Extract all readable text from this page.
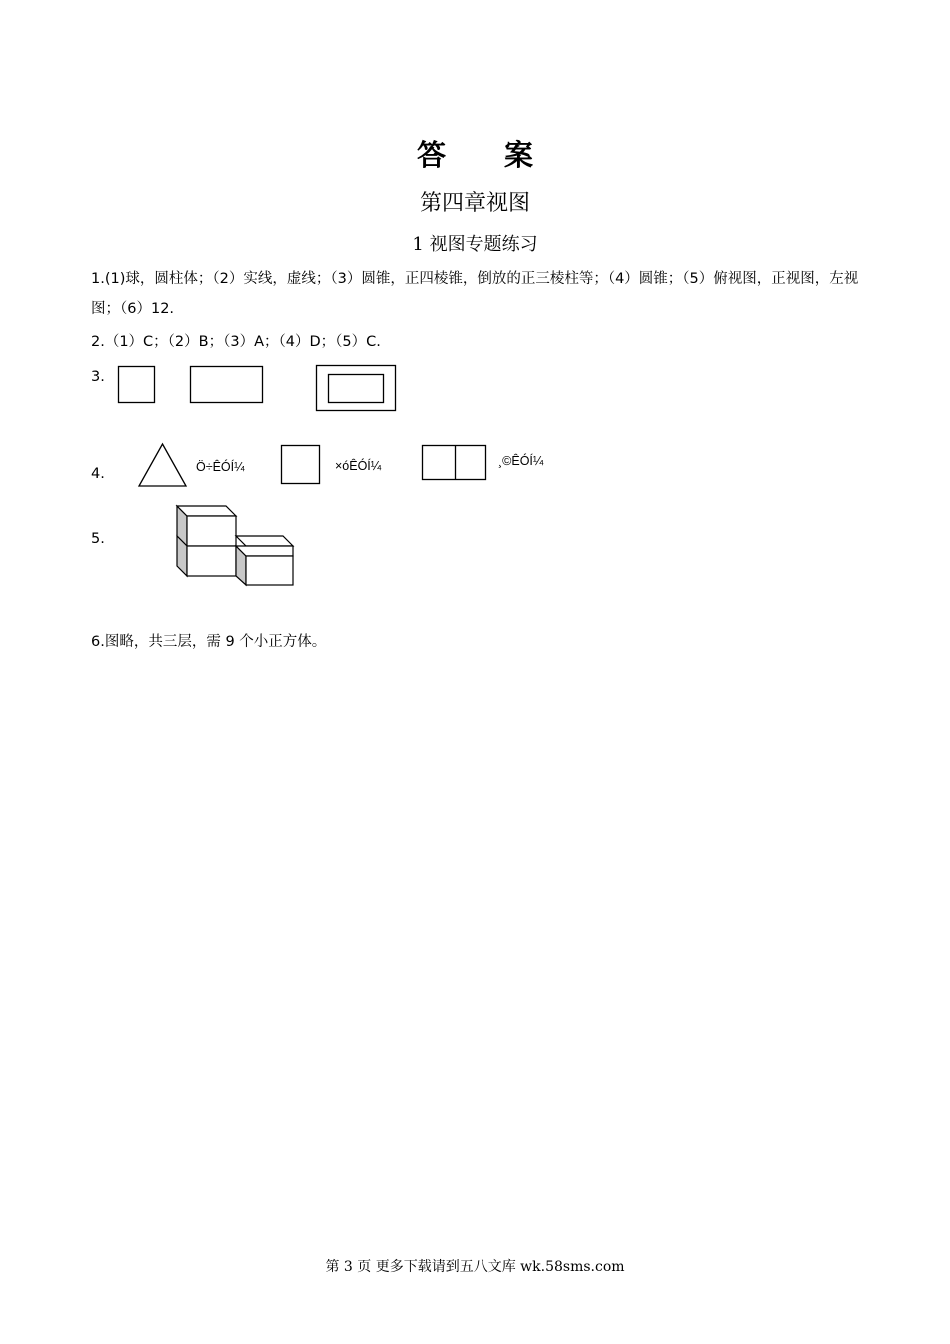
答　　案
第四章视图
1 视图专题练习
1.(1)球，圆柱体；（2）实线，虚线；（3）圆锥，正四棱锥，倒放的正三棱柱等；（4）圆锥；（5）俯视图，正视图，左视图；（6）12.
2.（1）C；（2）B；（3）A；（4）D；（5）C.
3.
4.	Ö÷ÊÓÍ¼	×óÊÓÍ¼	¸©ÊÓÍ¼
5.
6.图略，共三层，需 9 个小正方体。
第 3 页 更多下载请到五八文库 wk.58sms.com
